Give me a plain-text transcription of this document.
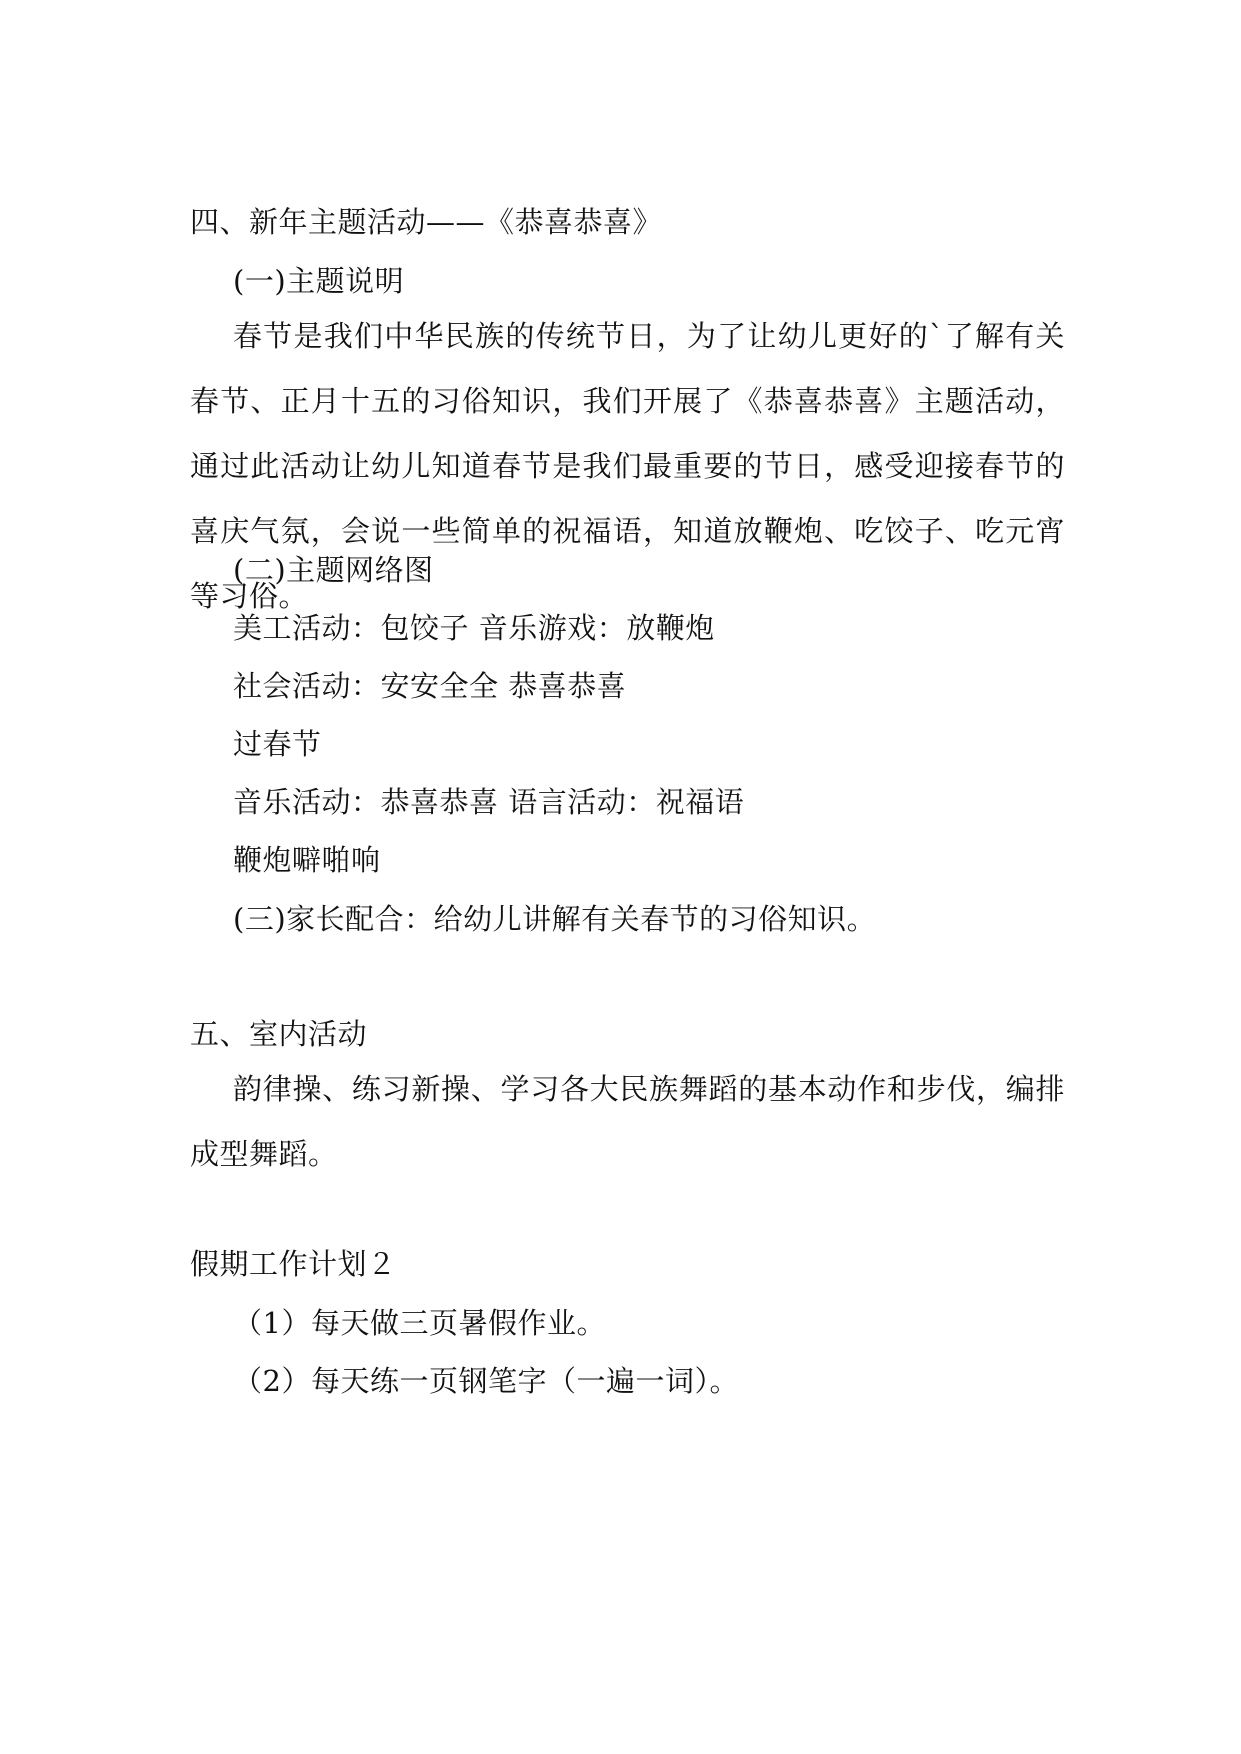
四、新年主题活动——《恭喜恭喜》
(一)主题说明
春节是我们中华民族的传统节日，为了让幼儿更好的`了解有关春节、正月十五的习俗知识，我们开展了《恭喜恭喜》主题活动，通过此活动让幼儿知道春节是我们最重要的节日，感受迎接春节的喜庆气氛，会说一些简单的祝福语，知道放鞭炮、吃饺子、吃元宵等习俗。
(二)主题网络图
美工活动：包饺子 音乐游戏：放鞭炮
社会活动：安安全全 恭喜恭喜
过春节
音乐活动：恭喜恭喜 语言活动：祝福语
鞭炮噼啪响
(三)家长配合：给幼儿讲解有关春节的习俗知识。
五、室内活动
韵律操、练习新操、学习各大民族舞蹈的基本动作和步伐，编排成型舞蹈。
假期工作计划２
（1）每天做三页暑假作业。
（2）每天练一页钢笔字（一遍一词）。
